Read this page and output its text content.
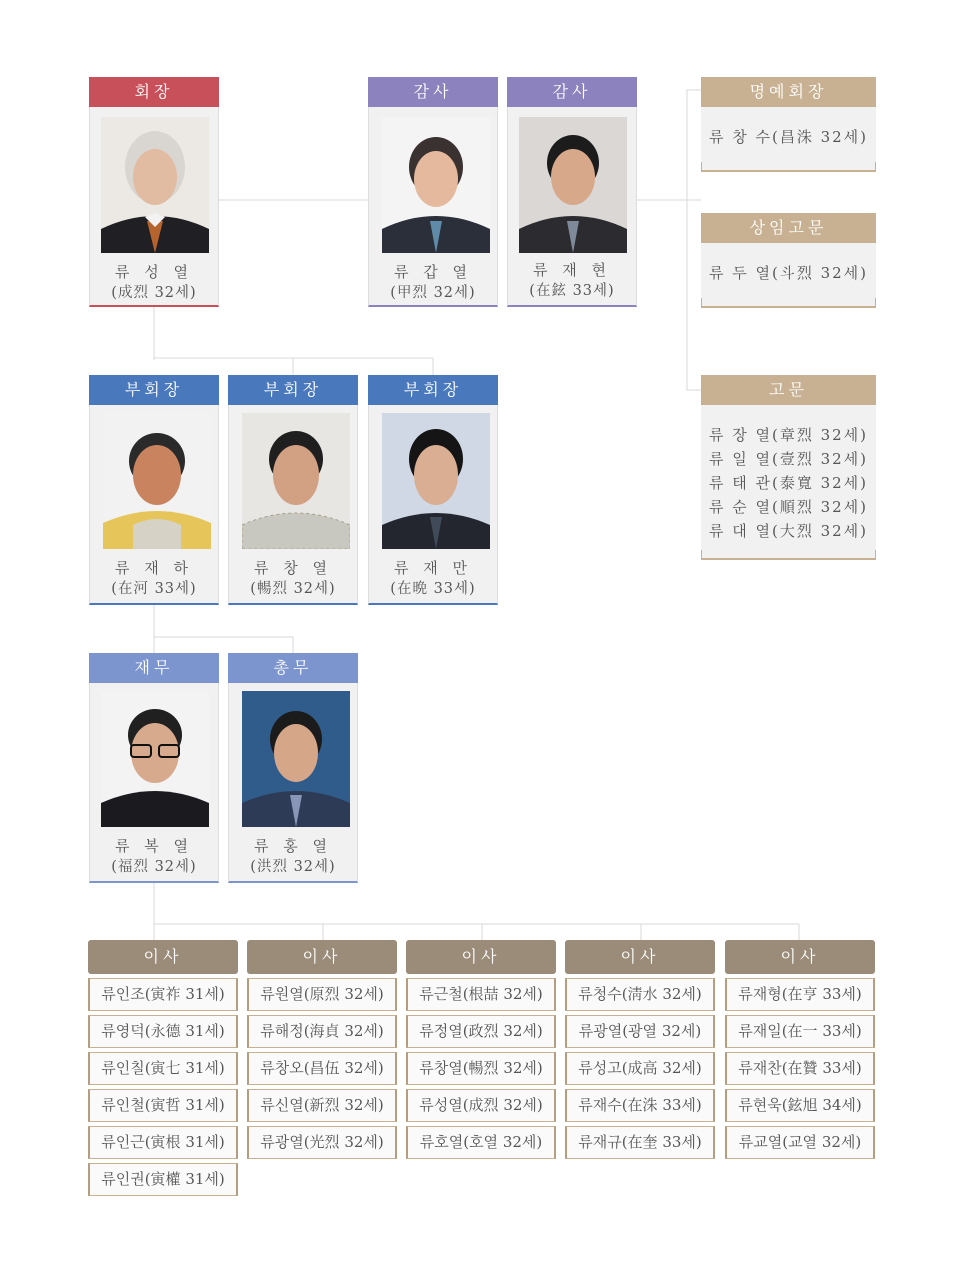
회장
류 성 열
(成烈 32세)
감사
류 갑 열
(甲烈 32세)
감사
류 재 현
(在鉉 33세)
명예회장
류 창 수(昌洙 32세)
상임고문
류 두 열(斗烈 32세)
고문
류 장 열(章烈 32세)
류 일 열(壹烈 32세)
류 태 관(泰寬 32세)
류 순 열(順烈 32세)
류 대 열(大烈 32세)
부회장
류 재 하
(在河 33세)
부회장
류 창 열
(暢烈 32세)
부회장
류 재 만
(在晩 33세)
재무
류 복 열
(福烈 32세)
총무
류 홍 열
(洪烈 32세)
이사
류인조(寅祚 31세)
류영덕(永德 31세)
류인칠(寅七 31세)
류인철(寅哲 31세)
류인근(寅根 31세)
류인권(寅權 31세)
이사
류원열(原烈 32세)
류해정(海貞 32세)
류창오(昌伍 32세)
류신열(新烈 32세)
류광열(光烈 32세)
이사
류근철(根喆 32세)
류정열(政烈 32세)
류창열(暢烈 32세)
류성열(成烈 32세)
류호열(호열 32세)
이사
류청수(淸水 32세)
류광열(광열 32세)
류성고(成高 32세)
류재수(在洙 33세)
류재규(在奎 33세)
이사
류재형(在亨 33세)
류재일(在一 33세)
류재찬(在贊 33세)
류현욱(鉉旭 34세)
류교열(교열 32세)
